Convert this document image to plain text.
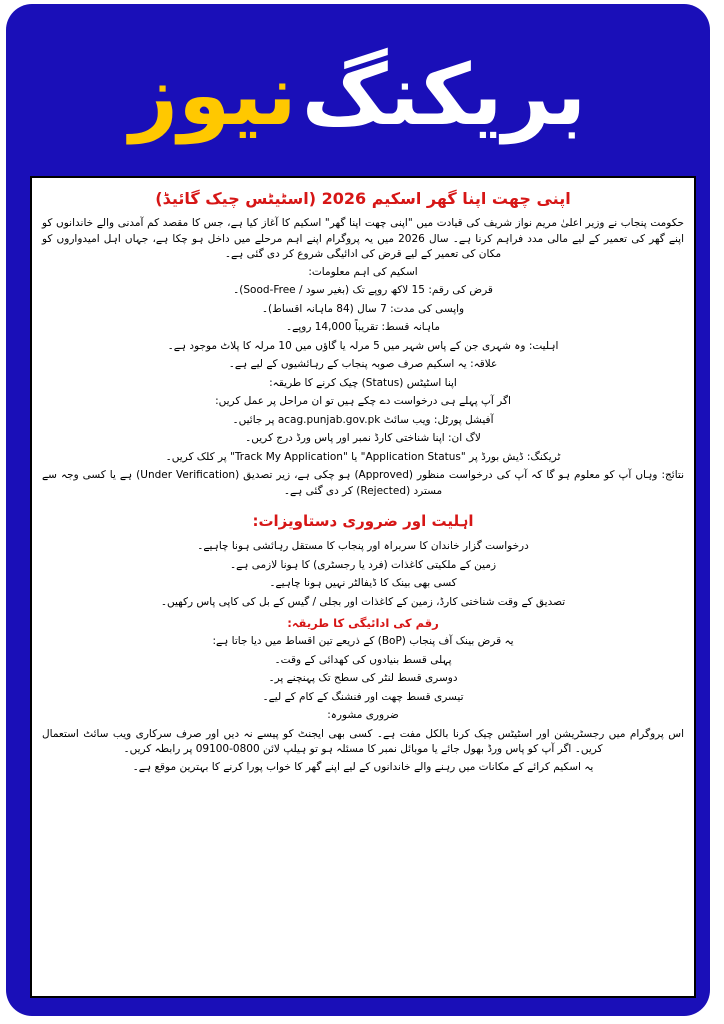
بریکنگ نیوز

اپنی چھت اپنا گھر اسکیم 2026 (اسٹیٹس چیک گائیڈ)

حکومت پنجاب نے وزیر اعلیٰ مریم نواز شریف کی قیادت میں "اپنی چھت اپنا گھر" اسکیم کا آغاز کیا ہے، جس کا مقصد کم آمدنی والے خاندانوں کو اپنے گھر کی تعمیر کے لیے مالی مدد فراہم کرنا ہے۔ سال 2026 میں یہ پروگرام اپنے اہم مرحلے میں داخل ہو چکا ہے، جہاں اہل امیدواروں کو مکان کی تعمیر کے لیے قرض کی ادائیگی شروع کر دی گئی ہے۔

اسکیم کی اہم معلومات:

قرض کی رقم: 15 لاکھ روپے تک (بغیر سود / Sood-Free)۔

واپسی کی مدت: 7 سال (84 ماہانہ اقساط)۔

ماہانہ قسط: تقریباً 14,000 روپے۔

اہلیت: وہ شہری جن کے پاس شہر میں 5 مرلہ یا گاؤں میں 10 مرلہ کا پلاٹ موجود ہے۔

علاقہ: یہ اسکیم صرف صوبہ پنجاب کے رہائشیوں کے لیے ہے۔

اپنا اسٹیٹس (Status) چیک کرنے کا طریقہ:

اگر آپ پہلے ہی درخواست دے چکے ہیں تو ان مراحل پر عمل کریں:

آفیشل پورٹل: ویب سائٹ acag.punjab.gov.pk پر جائیں۔

لاگ ان: اپنا شناختی کارڈ نمبر اور پاس ورڈ درج کریں۔

ٹریکنگ: ڈیش بورڈ پر "Application Status" یا "Track My Application" پر کلک کریں۔

نتائج: وہاں آپ کو معلوم ہو گا کہ آپ کی درخواست منظور (Approved) ہو چکی ہے، زیر تصدیق (Under Verification) ہے یا کسی وجہ سے مسترد (Rejected) کر دی گئی ہے۔

اہلیت اور ضروری دستاویزات:

درخواست گزار خاندان کا سربراہ اور پنجاب کا مستقل رہائشی ہونا چاہیے۔

زمین کے ملکیتی کاغذات (فرد یا رجسٹری) کا ہونا لازمی ہے۔

کسی بھی بینک کا ڈیفالٹر نہیں ہونا چاہیے۔

تصدیق کے وقت شناختی کارڈ، زمین کے کاغذات اور بجلی / گیس کے بل کی کاپی پاس رکھیں۔

رقم کی ادائیگی کا طریقہ:

یہ قرض بینک آف پنجاب (BoP) کے ذریعے تین اقساط میں دیا جاتا ہے:

پہلی قسط بنیادوں کی کھدائی کے وقت۔

دوسری قسط لنٹر کی سطح تک پہنچنے پر۔

تیسری قسط چھت اور فنشنگ کے کام کے لیے۔

ضروری مشورہ:

اس پروگرام میں رجسٹریشن اور اسٹیٹس چیک کرنا بالکل مفت ہے۔ کسی بھی ایجنٹ کو پیسے نہ دیں اور صرف سرکاری ویب سائٹ استعمال کریں۔ اگر آپ کو پاس ورڈ بھول جائے یا موبائل نمبر کا مسئلہ ہو تو ہیلپ لائن 0800-09100 پر رابطہ کریں۔

یہ اسکیم کرائے کے مکانات میں رہنے والے خاندانوں کے لیے اپنے گھر کا خواب پورا کرنے کا بہترین موقع ہے۔
